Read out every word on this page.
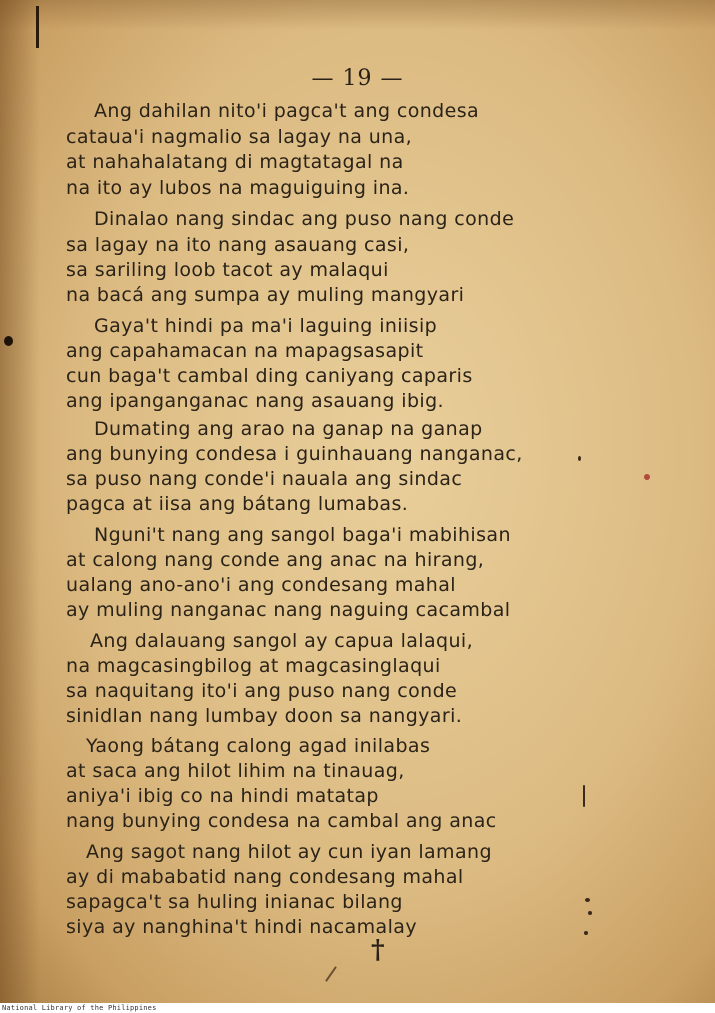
— 19 —
Ang dahilan nito'i pagca't ang condesa
cataua'i nagmalio sa lagay na una,
at nahahalatang di magtatagal na
na ito ay lubos na maguiguing ina.
Dinalao nang sindac ang puso nang conde
sa lagay na ito nang asauang casi,
sa sariling loob tacot ay malaqui
na bacá ang sumpa ay muling mangyari
Gaya't hindi pa ma'i laguing iniisip
ang capahamacan na mapagsasapit
cun baga't cambal ding caniyang caparis
ang ipanganganac nang asauang ibig.
Dumating ang arao na ganap na ganap
ang bunying condesa i guinhauang nanganac,
sa puso nang conde'i nauala ang sindac
pagca at iisa ang bátang lumabas.
Nguni't nang ang sangol baga'i mabihisan
at calong nang conde ang anac na hirang,
ualang ano-ano'i ang condesang mahal
ay muling nanganac nang naguing cacambal
Ang dalauang sangol ay capua lalaqui,
na magcasingbilog at magcasinglaqui
sa naquitang ito'i ang puso nang conde
sinidlan nang lumbay doon sa nangyari.
Yaong bátang calong agad inilabas
at saca ang hilot lihim na tinauag,
aniya'i ibig co na hindi matatap
nang bunying condesa na cambal ang anac
Ang sagot nang hilot ay cun iyan lamang
ay di mababatid nang condesang mahal
sapagca't sa huling inianac bilang
siya ay nanghina't hindi nacamalay
†
National Library of the Philippines
